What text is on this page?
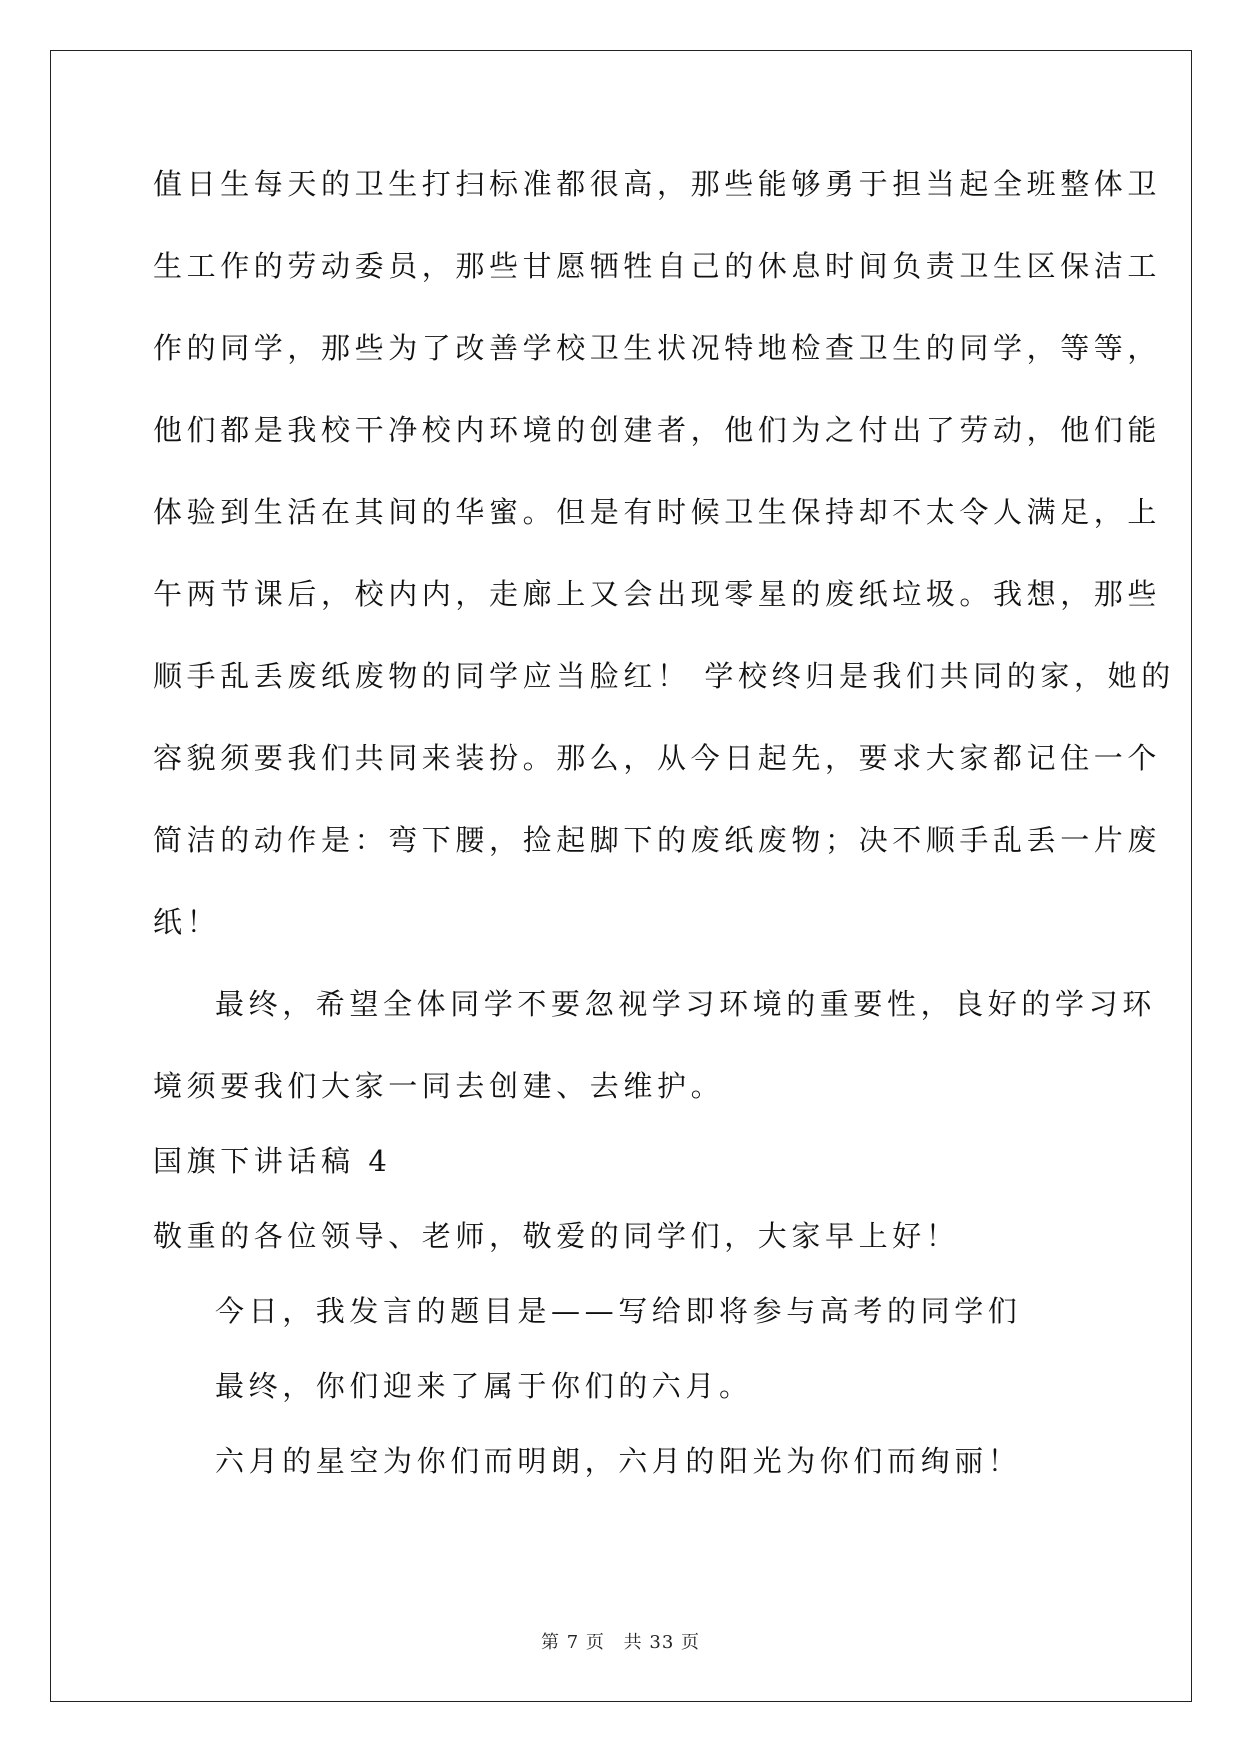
值日生每天的卫生打扫标准都很高，那些能够勇于担当起全班整体卫
生工作的劳动委员，那些甘愿牺牲自己的休息时间负责卫生区保洁工
作的同学，那些为了改善学校卫生状况特地检查卫生的同学，等等，
他们都是我校干净校内环境的创建者，他们为之付出了劳动，他们能
体验到生活在其间的华蜜。但是有时候卫生保持却不太令人满足，上
午两节课后，校内内，走廊上又会出现零星的废纸垃圾。我想，那些
顺手乱丢废纸废物的同学应当脸红！ 学校终归是我们共同的家，她的
容貌须要我们共同来装扮。那么，从今日起先，要求大家都记住一个
简洁的动作是：弯下腰，捡起脚下的废纸废物；决不顺手乱丢一片废
纸！
最终，希望全体同学不要忽视学习环境的重要性，良好的学习环
境须要我们大家一同去创建、去维护。
国旗下讲话稿 4
敬重的各位领导、老师，敬爱的同学们，大家早上好！
今日，我发言的题目是——写给即将参与高考的同学们
最终，你们迎来了属于你们的六月。
六月的星空为你们而明朗，六月的阳光为你们而绚丽！
第 7 页 共 33 页
